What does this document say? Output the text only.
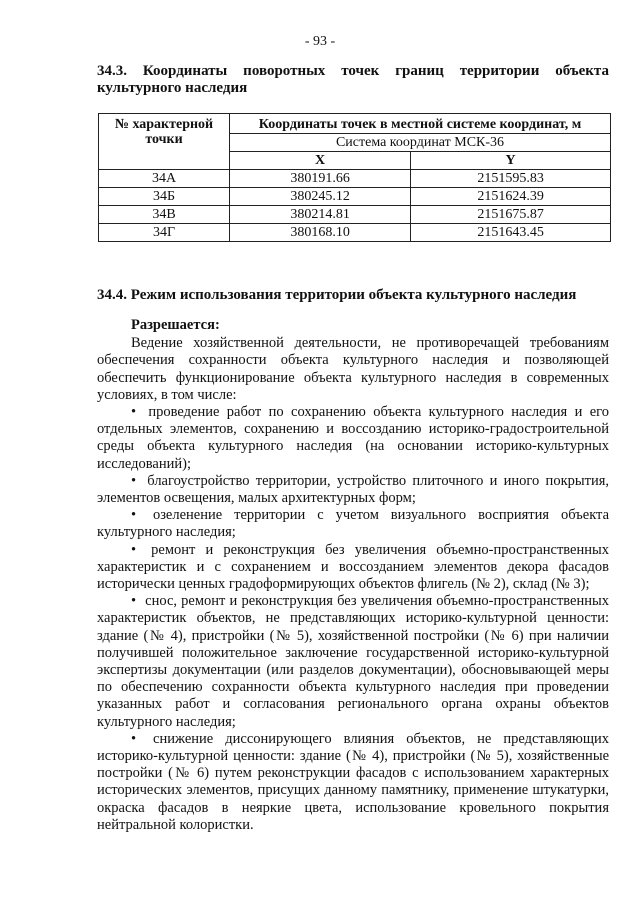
- 93 -
34.3. Координаты поворотных точек границ территории объекта культурного наследия
№ характерной точки	Координаты точек в местной системе координат, м	
	Система координат МСК-36	
	X	Y
34А	380191.66	2151595.83
34Б	380245.12	2151624.39
34В	380214.81	2151675.87
34Г	380168.10	2151643.45
34.4. Режим использования территории объекта культурного наследия

Разрешается:

Ведение хозяйственной деятельности, не противоречащей требованиям обеспечения сохранности объекта культурного наследия и позволяющей обеспечить функционирование объекта культурного наследия в современных условиях, в том числе:

• проведение работ по сохранению объекта культурного наследия и его отдельных элементов, сохранению и воссозданию историко-градостроительной среды объекта культурного наследия (на основании историко-культурных исследований);

• благоустройство территории, устройство плиточного и иного покрытия, элементов освещения, малых архитектурных форм;

• озеленение территории с учетом визуального восприятия объекта культурного наследия;

• ремонт и реконструкция без увеличения объемно-пространственных характеристик и с сохранением и воссозданием элементов декора фасадов исторически ценных градоформирующих объектов флигель (№ 2), склад (№ 3);

• снос, ремонт и реконструкция без увеличения объемно-пространственных характеристик объектов, не представляющих историко-культурной ценности: здание (№ 4), пристройки (№ 5), хозяйственной постройки (№ 6) при наличии получившей положительное заключение государственной историко-культурной экспертизы документации (или разделов документации), обосновывающей меры по обеспечению сохранности объекта культурного наследия при проведении указанных работ и согласования регионального органа охраны объектов культурного наследия;

• снижение диссонирующего влияния объектов, не представляющих историко-культурной ценности: здание (№ 4), пристройки (№ 5), хозяйственные постройки (№ 6) путем реконструкции фасадов с использованием характерных исторических элементов, присущих данному памятнику, применение штукатурки, окраска фасадов в неяркие цвета, использование кровельного покрытия нейтральной колористки.
